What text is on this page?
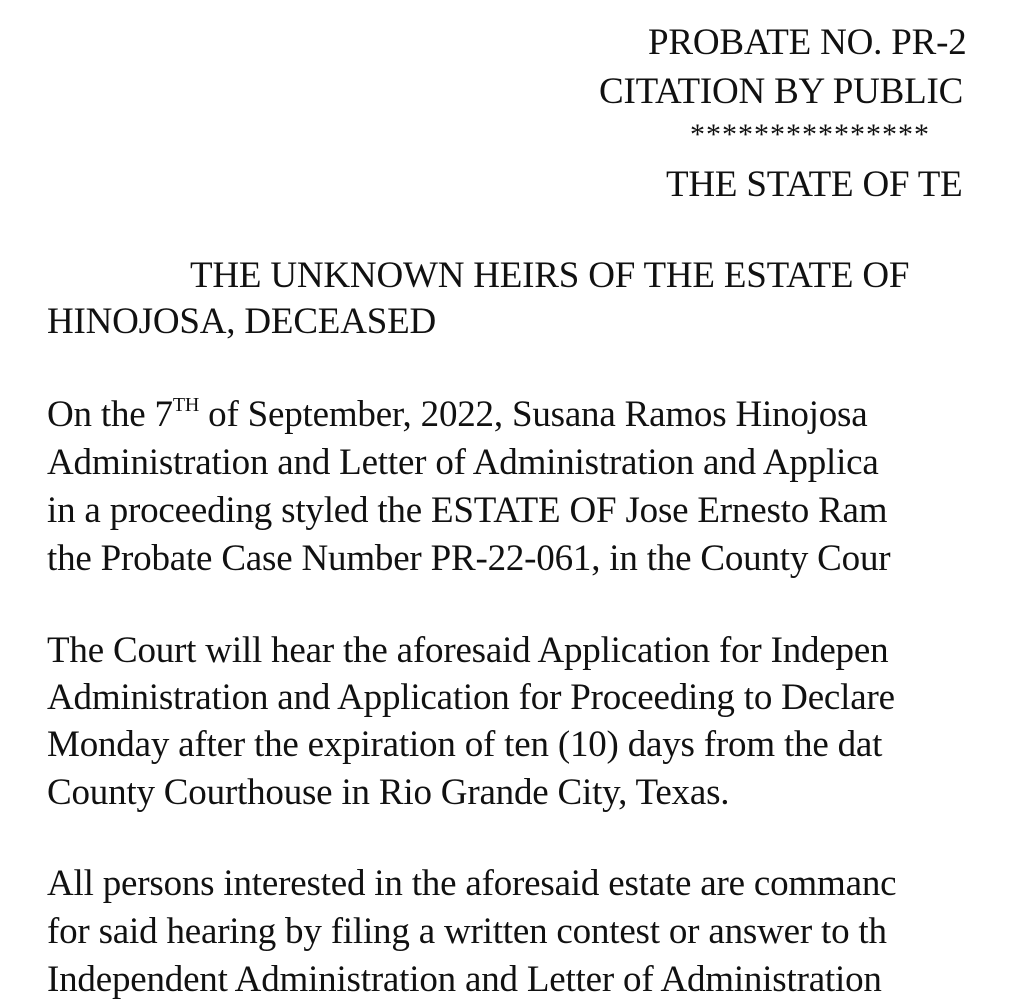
PROBATE NO. PR-2

CITATION BY PUBLIC

***************

THE STATE OF TE

THE UNKNOWN HEIRS OF THE ESTATE OF

HINOJOSA, DECEASED

On the 7TH of September, 2022, Susana Ramos Hinojosa

Administration and Letter of Administration and Applica

in a proceeding styled the ESTATE OF Jose Ernesto Ram

the Probate Case Number PR-22-061, in the County Cour

The Court will hear the aforesaid Application for Indepen

Administration and Application for Proceeding to Declare

Monday after the expiration of ten (10) days from the dat

County Courthouse in Rio Grande City, Texas.

All persons interested in the aforesaid estate are commanc

for said hearing by filing a written contest or answer to th

Independent Administration and Letter of Administration
